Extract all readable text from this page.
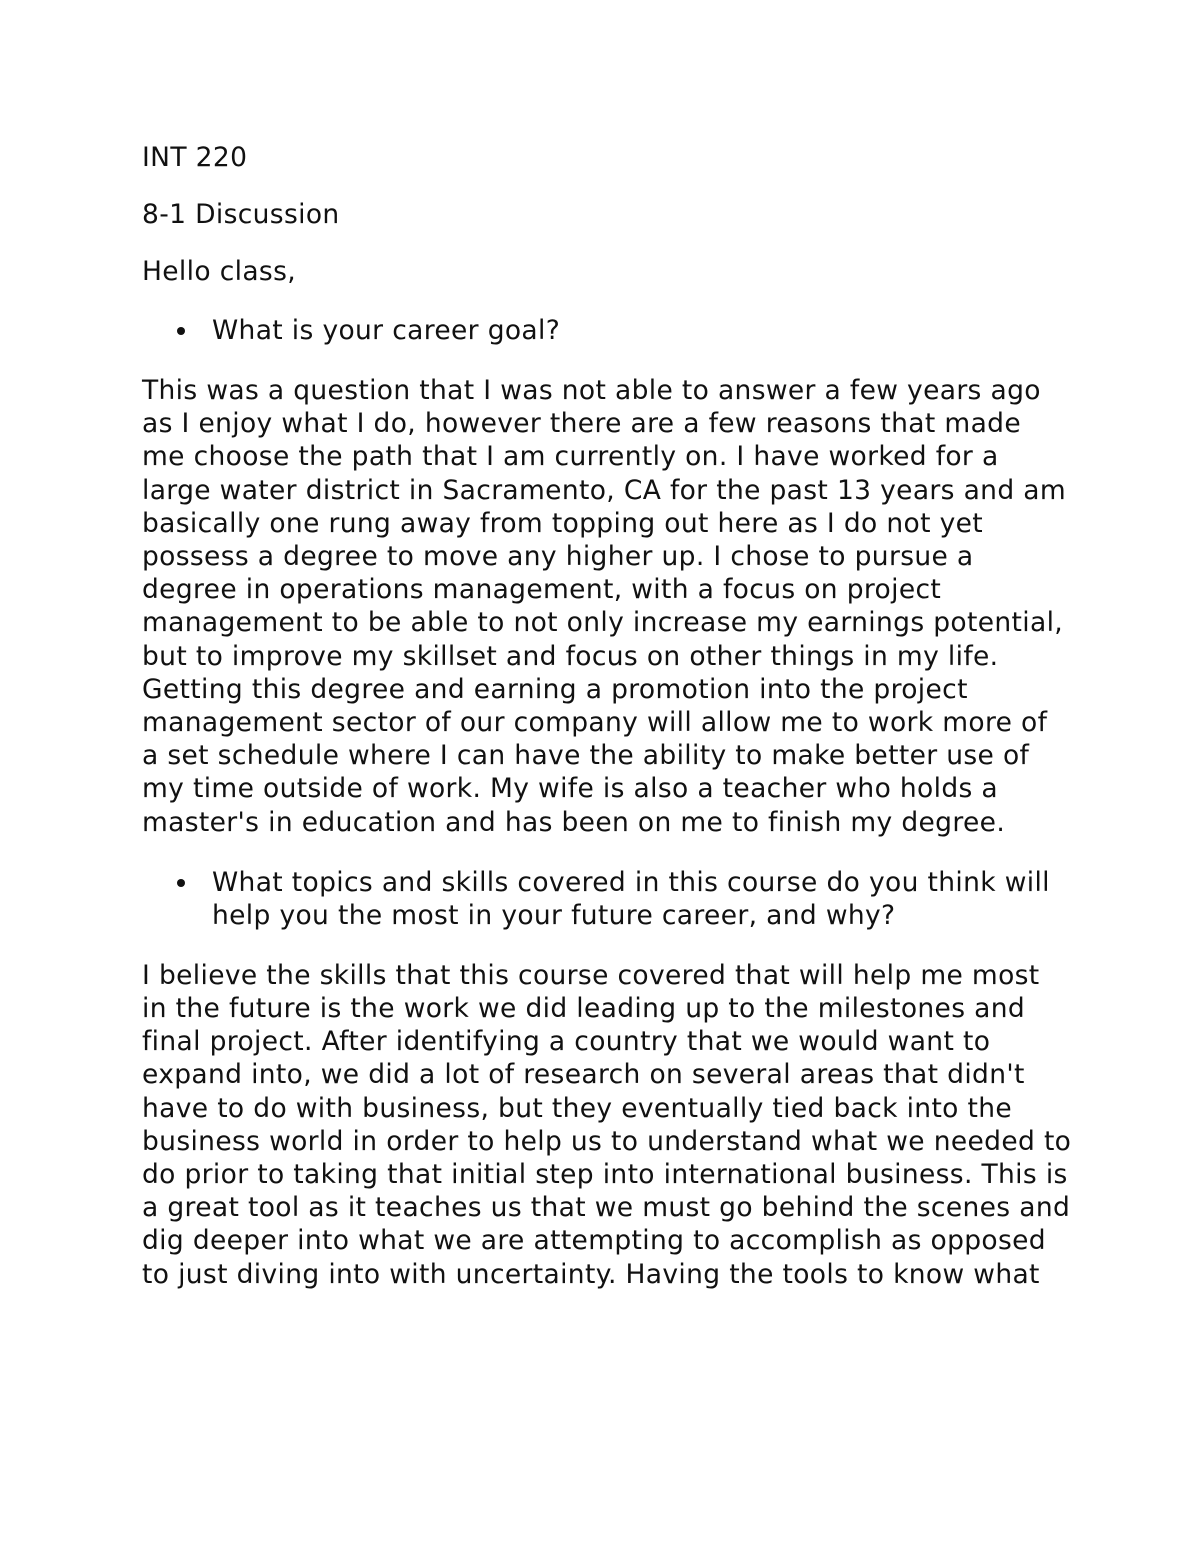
INT 220

8-1 Discussion

Hello class,

What is your career goal?

This was a question that I was not able to answer a few years ago as I enjoy what I do, however there are a few reasons that made me choose the path that I am currently on. I have worked for a large water district in Sacramento, CA for the past 13 years and am basically one rung away from topping out here as I do not yet possess a degree to move any higher up. I chose to pursue a degree in operations management, with a focus on project management to be able to not only increase my earnings potential, but to improve my skillset and focus on other things in my life. Getting this degree and earning a promotion into the project management sector of our company will allow me to work more of a set schedule where I can have the ability to make better use of my time outside of work. My wife is also a teacher who holds a master's in education and has been on me to finish my degree.

What topics and skills covered in this course do you think will help you the most in your future career, and why?

I believe the skills that this course covered that will help me most in the future is the work we did leading up to the milestones and final project. After identifying a country that we would want to expand into, we did a lot of research on several areas that didn't have to do with business, but they eventually tied back into the business world in order to help us to understand what we needed to do prior to taking that initial step into international business. This is a great tool as it teaches us that we must go behind the scenes and dig deeper into what we are attempting to accomplish as opposed to just diving into with uncertainty. Having the tools to know what
